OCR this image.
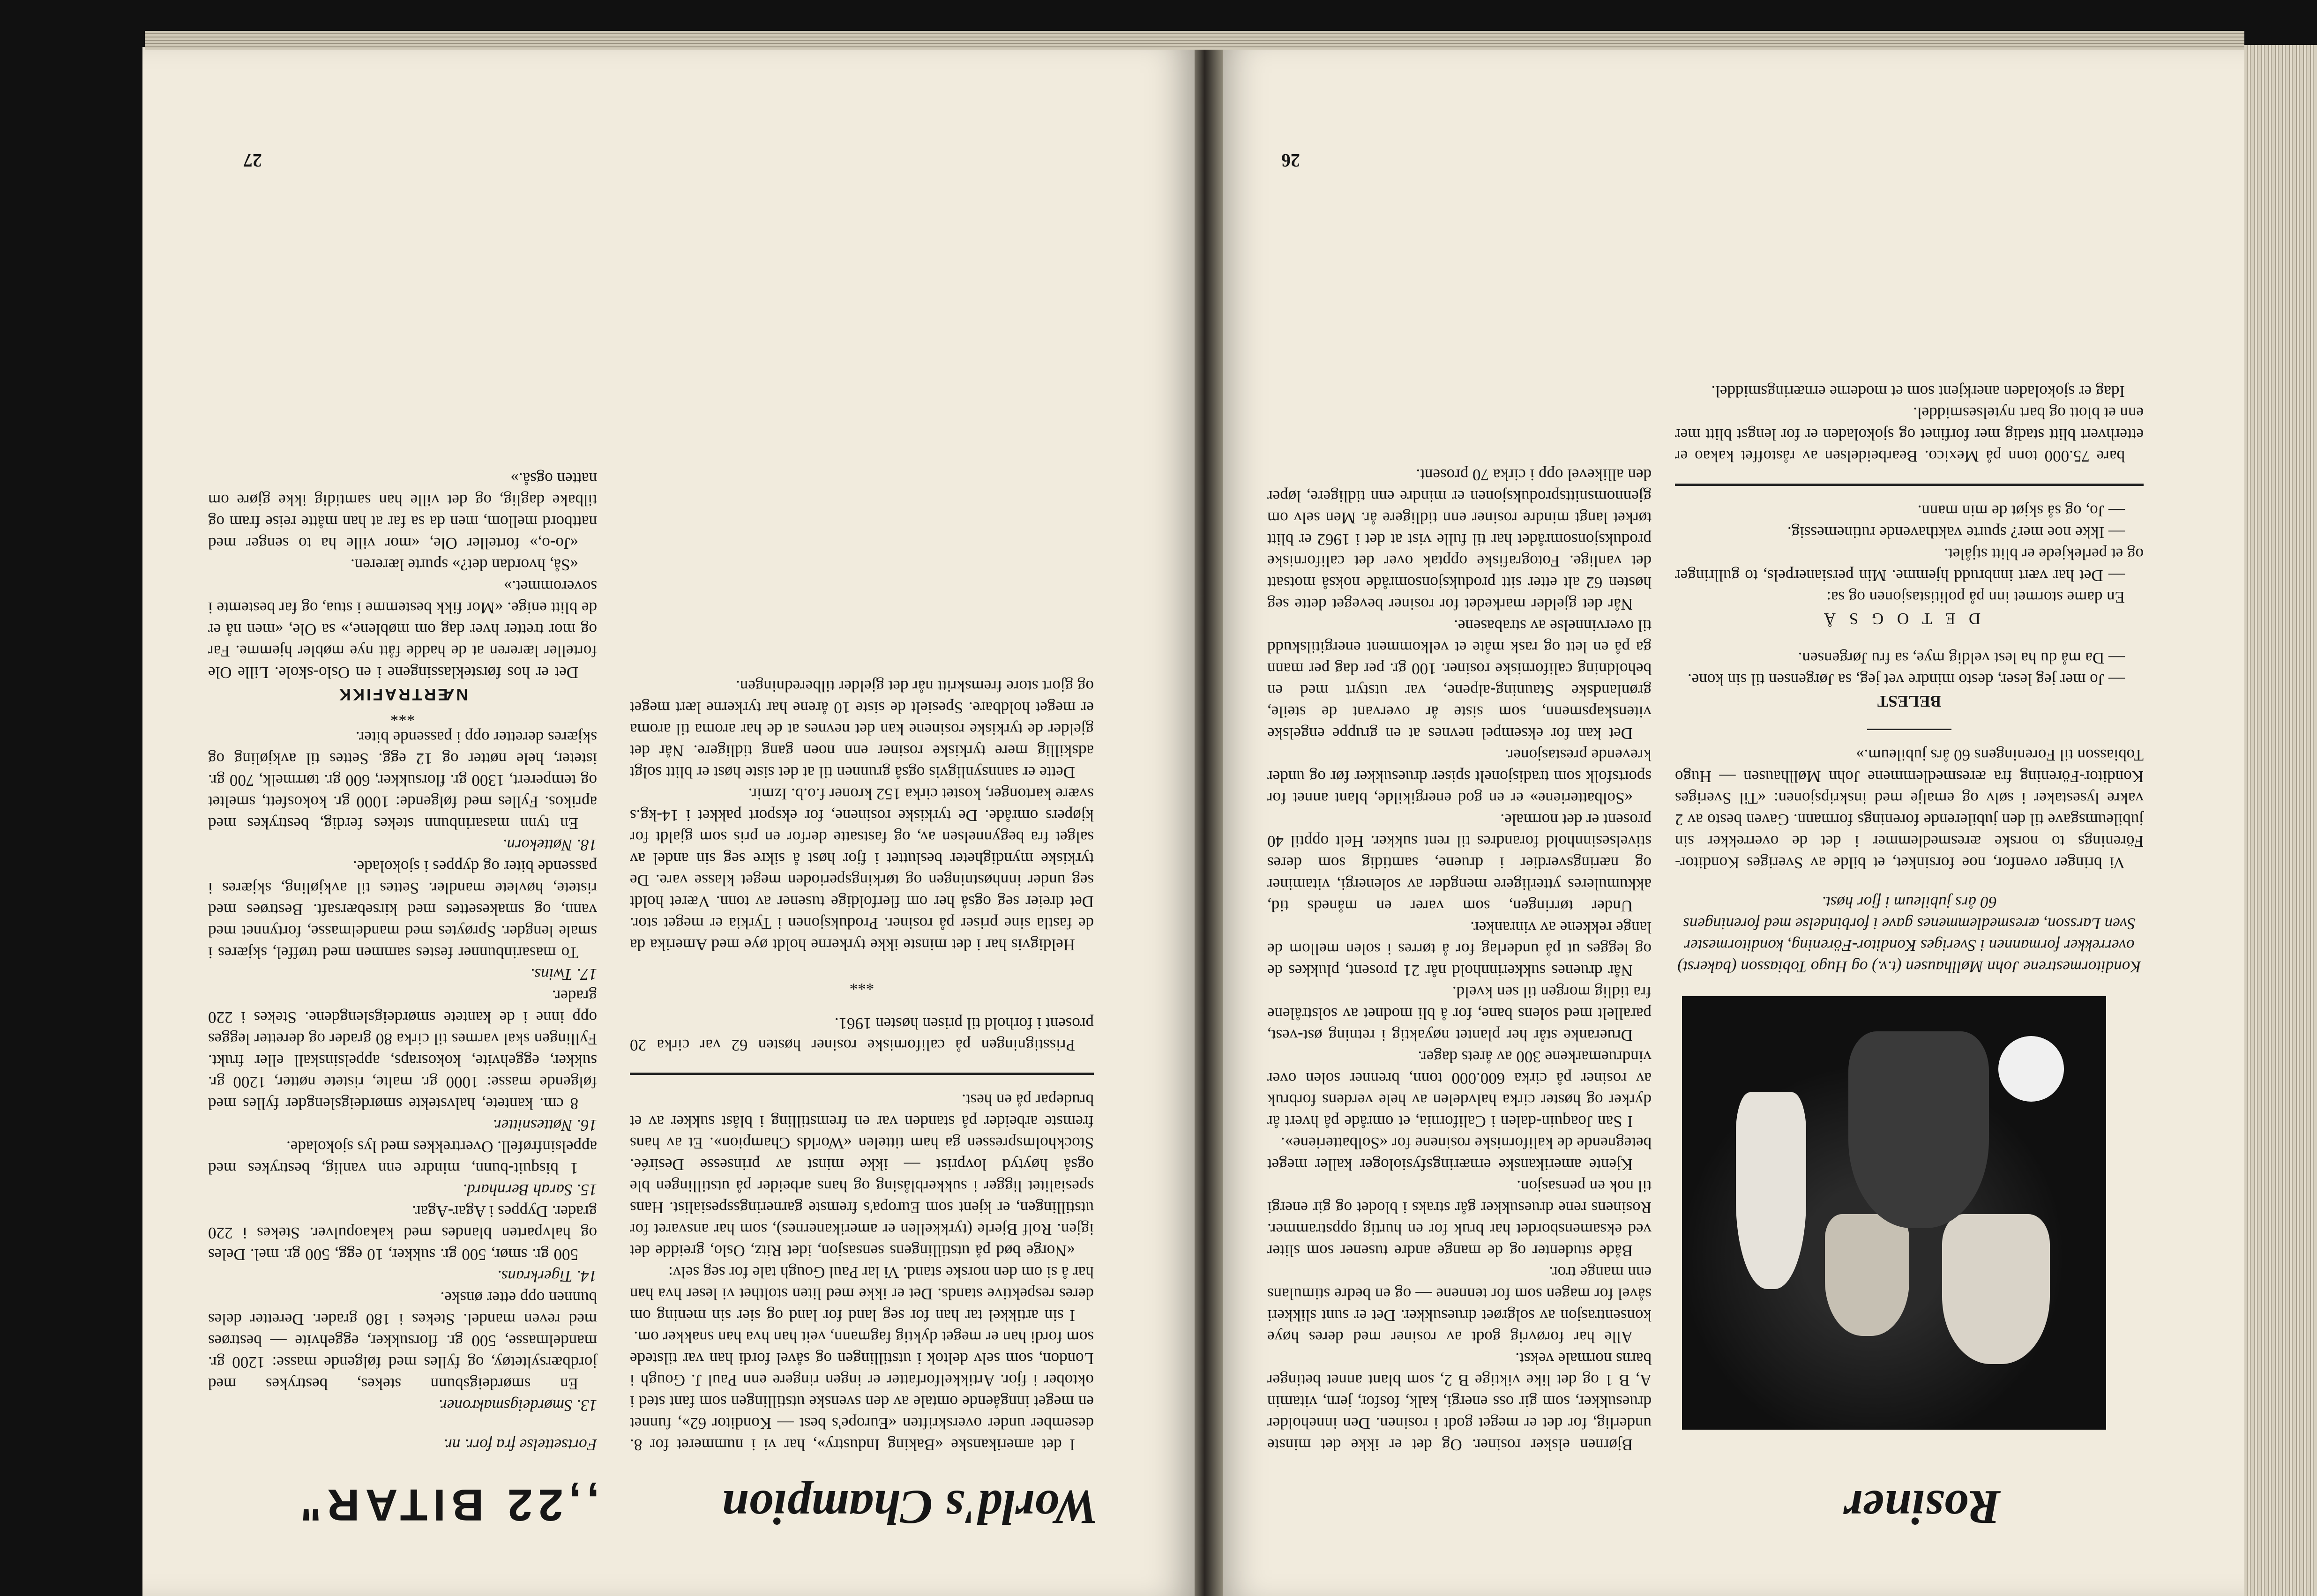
26
Rosiner

Konditormestrene John Møllhausen (t.v.) og Hugo Tobiasson (bakerst) overrekker formannen i Sveriges Konditor-Förening, konditormester Sven Larsson, æresmedlemmenes gave i forbindelse med foreningens 60 års jubileum i fjor høst.

Vi bringer ovenfor, noe forsinket, et bilde av Sveriges Konditor-Förenings to norske æresmedlemmer i det de overrekker sin jubileumsgave til den jubilerende forenings formann. Gaven besto av 2 vakre lysestaker i sølv og emalje med inskripsjonen: «Til Sveriges Konditor-Förening fra æresmedlemmene John Møllhausen — Hugo Tobiasson til Foreningens 60 års jubileum.»

BELEST

— Jo mer jeg leser, desto mindre vet jeg, sa Jørgensen til sin kone.

— Da må du ha lest veldig mye, sa fru Jørgensen.

D E T O G S Å

En dame stormet inn på politistasjonen og sa:

— Det har vært innbrudd hjemme. Min persianerpels, to gullringer og et perlekjede er blitt stjålet.

— Ikke noe mer? spurte vakthavende rutinemessig.

— Jo, og så skjøt de min mann.

bare 75.000 tonn på Mexico. Bearbeidelsen av råstoffet kakao er etterhvert blitt stadig mer forfinet og sjokoladen er for lengst blitt mer enn et blott og bart nytelsesmiddel.

Idag er sjokoladen anerkjent som et moderne ernæringsmiddel.

Bjørnen elsker rosiner. Og det er ikke det minste underlig, for det er meget godt i rosinen. Den inneholder druesukker, som gir oss energi, kalk, fosfor, jern, vitamin A, B 1 og det like viktige B 2, som blant annet betinger barns normale vekst.

Alle har forøvrig godt av rosiner med deres høye konsentrasjon av solgrøet druesukker. Det er sunt slikkeri såvel for magen som for tennene — og en bedre stimulans enn mange tror.

Både studenter og de mange andre tusener som sliter ved eksamensbordet har bruk for en hurtig oppstrammer. Rosinens rene druesukker går straks i blodet og gir energi til nok en pensasjon.

Kjente amerikanske ernæringsfysiologer kaller meget betegnende de kaliforniske rosinene for «Solbatteriene».

I San Joaquin-dalen i California, et område på hvert år dyrker og høster cirka halvdelen av hele verdens forbruk av rosiner på cirka 600.000 tonn, brenner solen over vindruemarkene 300 av årets dager.

Drueranke står her plantet nøyaktig i retning øst-vest, parallelt med solens bane, for å bli modnet av solstrålene fra tidlig morgen til sen kveld.

Når druenes sukkerinnhold når 21 prosent, plukkes de og legges ut på underlag for å tørres i solen mellom de lange rekkene av vinranker.

Under tørringen, som varer en måneds tid, akkumuleres ytterligere mengder av solenergi, vitaminer og næringsverdier i druene, samtidig som deres stivelsesinnhold forandres til rent sukker. Helt opptil 40 prosent er det normale.

«Solbatteriene» er en god energikilde, blant annet for sportsfolk som tradisjonelt spiser druesukker før og under krevende prestasjoner.

Det kan for eksempel nevnes at en gruppe engelske vitenskapsmenn, som siste år overvant de steile, grønlandske Stauning-alpene, var utstyrt med en beholdning californiske rosiner. 100 gr. per dag per mann ga på en lett og rask måte et velkomment energitilskudd til overvinnelse av strabasene.

Når det gjelder markedet for rosiner beveget dette seg høsten 62 alt etter sitt produksjonsområde nokså motsatt det vanlige. Fotografiske opptak over det californiske produksjonsområdet har til fulle vist at det i 1962 er blitt tørket langt mindre rosiner enn tidligere år. Men selv om gjennomsnittsproduksjonen er mindre enn tidligere, løper den allikevel opp i cirka 70 prosent.

27
World's Champion
,,22 BITAR"

I det amerikanske «Baking Industry», har vi i nummeret for 8. desember under overskriften «Europe's best — Konditor 62», funnet en meget inngående omtale av den svenske utstillingen som fant sted i oktober i fjor. Artikkelforfatter er ingen ringere enn Paul J. Gough i London, som selv deltok i utstillingen og såvel fordi han var tilstede som fordi han er meget dyktig fagmann, veit han hva han snakker om.

I sin artikkel tar han for seg land for land og sier sin mening om deres respektive stands. Det er ikke med liten stolthet vi leser hva han har å si om den norske stand. Vi lar Paul Gough tale for seg selv:

«Norge bød på utstillingens sensasjon, idet Ritz, Oslo, greidde det igjen. Rolf Bjerle (tyrkkellen er amerikanernes), som har ansvaret for utstillingen, er kjent som Europa's fremste garneringsspesialist. Hans spesialitet ligger i sukkerblåsing og hans arbeider på utstillingen ble også høytyd lovprist — ikke minst av prinsesse Desirée. Stockholmspressen ga ham tittelen «Worlds Champion». Et av hans fremste arbeider på standen var en fremstilling i blåst sukker av et brudepar på en hest.

Prisstigningen på californiske rosiner høsten 62 var cirka 20 prosent i forhold til prisen høsten 1961.

***

Heldigvis har i det minste ikke tyrkerne holdt øye med Amerika da de fastla sine priser på rosiner. Produksjonen i Tyrkia er meget stor. Det dreier seg også her om flerfoldige tusener av tonn. Været holdt seg under innhøstningen og tørkingsperioden meget klasse vare. De tyrkiske myndigheter besluttet i fjor høst å sikre seg sin andel av salget fra begynnelsen av, og fastsatte derfor en pris som gjaldt for kjøpers område. De tyrkiske rosinene, for eksport pakket i 14-kg.s svære kartonger, kostet cirka 152 kroner f.o.b. Izmir.

Dette er sannsynligvis også grunnen til at det siste høst er blitt solgt adskillig mere tyrkiske rosiner enn noen gang tidligere. Når det gjelder de tyrkiske rosinene kan det nevnes at de har aroma til aroma er meget holdbare. Spesielt de siste 10 årene har tyrkerne lært meget og gjort store fremskritt når det gjelder tilberedningen.

Fortsettelse fra forr. nr.

13. Smørdeigsmakroner.

En smørdeigsbunn stekes, bestrykes med jordbærsyltetøy, og fylles med følgende masse: 1200 gr. mandelmasse, 500 gr. florsukker, eggehvite — bestrøes med reven mandel. Stekes i 180 grader. Deretter deles bunnen opp etter ønske.

14. Tigerkrans.

500 gr. smør, 500 gr. sukker, 10 egg, 500 gr. mel. Deles og halvparten blandes med kakaopulver. Stekes i 220 grader. Dyppes i Agar-Agar.

15. Sarah Bernhard.

1 bisquit-bunn, mindre enn vanlig, bestrykes med appelsinfrøfell. Overtrekkes med lys sjokolade.

16. Nøttesnitter.

8 cm. kantete, halvstekte smørdeigslengder fylles med følgende masse: 1000 gr. malte, ristete nøtter, 1200 gr. sukker, eggehvite, kokosraps, appelsinskall eller frukt. Fyllingen skal varmes til cirka 80 grader og deretter legges opp inne i de kantete smørdeigslengdene. Stekes i 220 grader.

17. Twins.

To masarinbunner festes sammen med trøffel, skjæres i smale lengder. Sprøytes med mandelmasse, fortynnet med vann, og smakesettes med kirsebærsaft. Bestrøes med ristete, høvlete mandler. Settes til avkjøling, skjæres i passende biter og dyppes i sjokolade.

18. Nøttekorn.

En tynn masarinbunn stekes ferdig, bestrykes med aprikos. Fylles med følgende: 1000 gr. kokosfett, smeltet og temperert, 1300 gr. florsukker, 600 gr. tørrmelk, 700 gr. isteter, hele nøtter og 12 egg. Settes til avkjøling og skjæres deretter opp i passende biter.

***

NÆRTRAFIKK

Det er hos førsteklassingene i en Oslo-skole. Lille Ole forteller læreren at de hadde fått nye møbler hjemme. Far og mor tretter hver dag om møblene,» sa Ole, «men nå er de blitt enige. «Mor fikk bestemme i stua, og far bestemte i soverommet.»

«Så, hvordan det?» spurte læreren.

«Jo-o,» forteller Ole, «mor ville ha to senger med nattbord mellom, men da sa far at han måtte reise fram og tilbake daglig, og det ville han samtidig ikke gjøre om natten også.»
